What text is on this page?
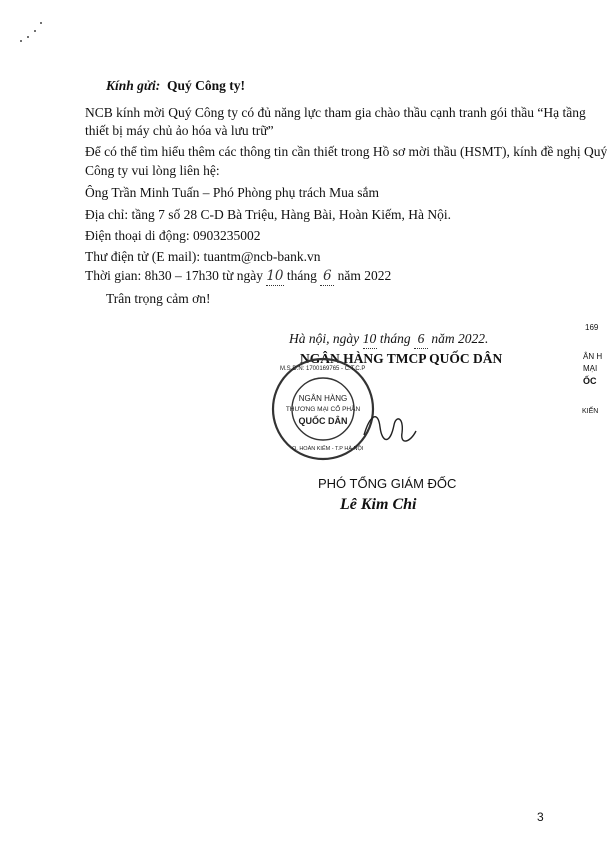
Kính gửi: Quý Công ty!
NCB kính mời Quý Công ty có đủ năng lực tham gia chào thầu cạnh tranh gói thầu “Hạ tầng
thiết bị máy chủ ảo hóa và lưu trữ”
Để có thể tìm hiểu thêm các thông tin cần thiết trong Hồ sơ mời thầu (HSMT), kính đề nghị Quý
Công ty vui lòng liên hệ:
Ông Trần Minh Tuấn – Phó Phòng phụ trách Mua sắm
Địa chỉ: tầng 7 số 28 C-D Bà Triệu, Hàng Bài, Hoàn Kiếm, Hà Nội.
Điện thoại di động: 0903235002
Thư điện tử (E mail): tuantm@ncb-bank.vn
Thời gian: 8h30 – 17h30 từ ngày 10 tháng 6 năm 2022
Trân trọng cảm ơn!
Hà nội, ngày 10 tháng 6 năm 2022.
NGÂN HÀNG TMCP QUỐC DÂN
NGÂN HÀNG
THƯƠNG MẠI CỔ PHẦN
QUỐC DÂN
M.S.D.N: 1700169765 - C.T.C.P
Q. HOÀN KIẾM - T.P HÀ NỘI
PHÓ TỔNG GIÁM ĐỐC
Lê Kim Chi
169
ÂN H
MẠI
ỐC
KIẾN
3
